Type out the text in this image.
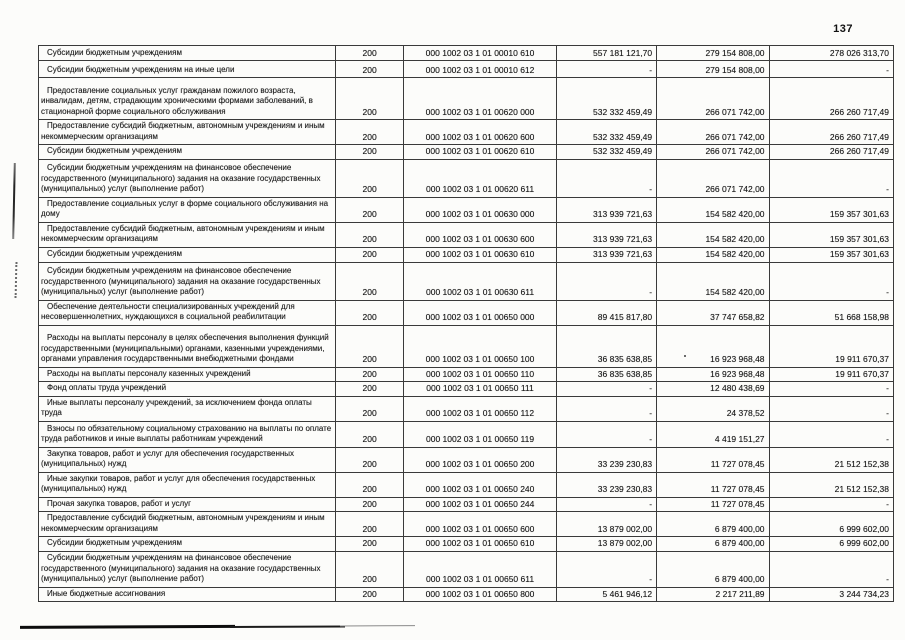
137
Субсидии бюджетным учреждениям	200	000 1002 03 1 01 00010 610	557 181 121,70	279 154 808,00	278 026 313,70
Субсидии бюджетным учреждениям на иные цели	200	000 1002 03 1 01 00010 612	-	279 154 808,00	-
Предоставление социальных услуг гражданам пожилого возраста, инвалидам, детям, страдающим хроническими формами заболеваний, в стационарной форме социального обслуживания	200	000 1002 03 1 01 00620 000	532 332 459,49	266 071 742,00	266 260 717,49
Предоставление субсидий бюджетным, автономным учреждениям и иным некоммерческим организациям	200	000 1002 03 1 01 00620 600	532 332 459,49	266 071 742,00	266 260 717,49
Субсидии бюджетным учреждениям	200	000 1002 03 1 01 00620 610	532 332 459,49	266 071 742,00	266 260 717,49
Субсидии бюджетным учреждениям на финансовое обеспечение государственного (муниципального) задания на оказание государственных (муниципальных) услуг (выполнение работ)	200	000 1002 03 1 01 00620 611	-	266 071 742,00	-
Предоставление социальных услуг в форме социального обслуживания на дому	200	000 1002 03 1 01 00630 000	313 939 721,63	154 582 420,00	159 357 301,63
Предоставление субсидий бюджетным, автономным учреждениям и иным некоммерческим организациям	200	000 1002 03 1 01 00630 600	313 939 721,63	154 582 420,00	159 357 301,63
Субсидии бюджетным учреждениям	200	000 1002 03 1 01 00630 610	313 939 721,63	154 582 420,00	159 357 301,63
Субсидии бюджетным учреждениям на финансовое обеспечение государственного (муниципального) задания на оказание государственных (муниципальных) услуг (выполнение работ)	200	000 1002 03 1 01 00630 611	-	154 582 420,00	-
Обеспечение деятельности специализированных учреждений для несовершеннолетних, нуждающихся в социальной реабилитации	200	000 1002 03 1 01 00650 000	89 415 817,80	37 747 658,82	51 668 158,98
Расходы на выплаты персоналу в целях обеспечения выполнения функций государственными (муниципальными) органами, казенными учреждениями, органами управления государственными внебюджетными фондами	200	000 1002 03 1 01 00650 100	36 835 638,85	16 923 968,48	19 911 670,37
Расходы на выплаты персоналу казенных учреждений	200	000 1002 03 1 01 00650 110	36 835 638,85	16 923 968,48	19 911 670,37
Фонд оплаты труда учреждений	200	000 1002 03 1 01 00650 111	-	12 480 438,69	-
Иные выплаты персоналу учреждений, за исключением фонда оплаты труда	200	000 1002 03 1 01 00650 112	-	24 378,52	-
Взносы по обязательному социальному страхованию на выплаты по оплате труда работников и иные выплаты работникам учреждений	200	000 1002 03 1 01 00650 119	-	4 419 151,27	-
Закупка товаров, работ и услуг для обеспечения государственных (муниципальных) нужд	200	000 1002 03 1 01 00650 200	33 239 230,83	11 727 078,45	21 512 152,38
Иные закупки товаров, работ и услуг для обеспечения государственных (муниципальных) нужд	200	000 1002 03 1 01 00650 240	33 239 230,83	11 727 078,45	21 512 152,38
Прочая закупка товаров, работ и услуг	200	000 1002 03 1 01 00650 244	-	11 727 078,45	-
Предоставление субсидий бюджетным, автономным учреждениям и иным некоммерческим организациям	200	000 1002 03 1 01 00650 600	13 879 002,00	6 879 400,00	6 999 602,00
Субсидии бюджетным учреждениям	200	000 1002 03 1 01 00650 610	13 879 002,00	6 879 400,00	6 999 602,00
Субсидии бюджетным учреждениям на финансовое обеспечение государственного (муниципального) задания на оказание государственных (муниципальных) услуг (выполнение работ)	200	000 1002 03 1 01 00650 611	-	6 879 400,00	-
Иные бюджетные ассигнования	200	000 1002 03 1 01 00650 800	5 461 946,12	2 217 211,89	3 244 734,23
